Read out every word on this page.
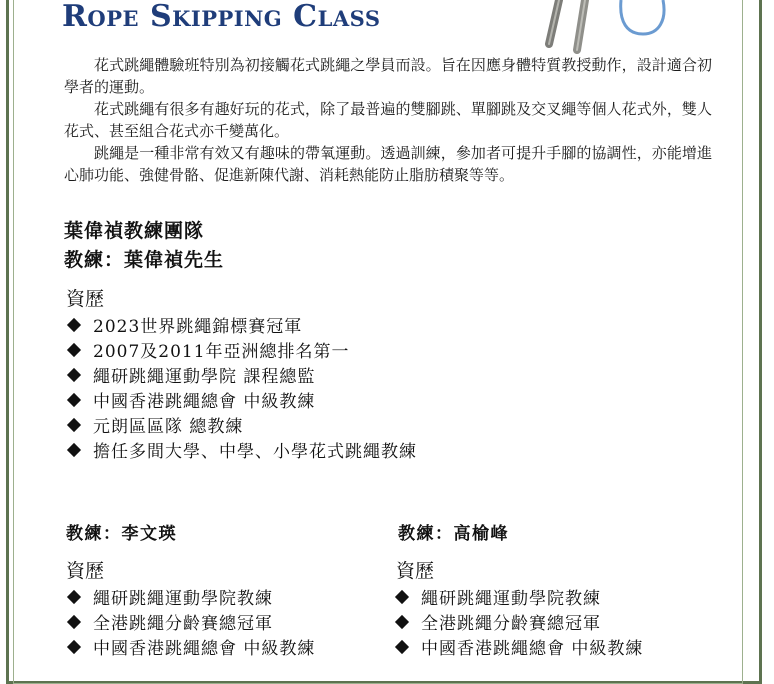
Rope Skipping Class

花式跳繩體驗班特別為初接觸花式跳繩之學員而設。旨在因應身體特質教授動作，設計適合初學者的運動。

花式跳繩有很多有趣好玩的花式，除了最普遍的雙腳跳、單腳跳及交叉繩等個人花式外，雙人花式、甚至組合花式亦千變萬化。

跳繩是一種非常有效又有趣味的帶氧運動。透過訓練，參加者可提升手腳的協調性，亦能增進心肺功能、強健骨骼、促進新陳代謝、消耗熱能防止脂肪積聚等等。

葉偉禎教練團隊
教練：葉偉禎先生
資歷
2023世界跳繩錦標賽冠軍
2007及2011年亞洲總排名第一
繩研跳繩運動學院 課程總監
中國香港跳繩總會 中級教練
元朗區區隊 總教練
擔任多間大學、中學、小學花式跳繩教練
教練：李文瑛
資歷
繩研跳繩運動學院教練
全港跳繩分齡賽總冠軍
中國香港跳繩總會 中級教練
教練：高榆峰
資歷
繩研跳繩運動學院教練
全港跳繩分齡賽總冠軍
中國香港跳繩總會 中級教練
